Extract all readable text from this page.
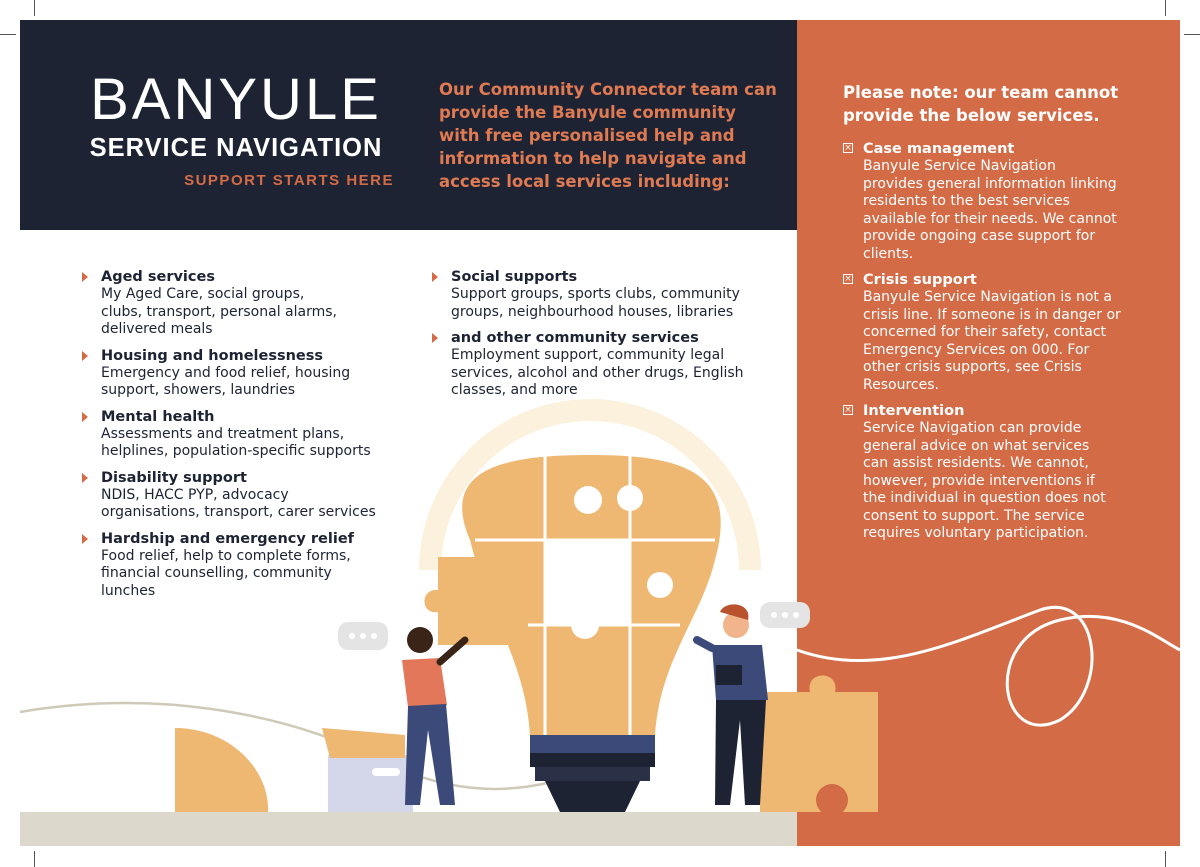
BANYULE
SERVICE NAVIGATION
SUPPORT STARTS HERE
Our Community Connector team can provide the Banyule community with free personalised help and information to help navigate and access local services including:
Aged services
My Aged Care, social groups, clubs, transport, personal alarms, delivered meals
Housing and homelessness
Emergency and food relief, housing support, showers, laundries
Mental health
Assessments and treatment plans, helplines, population-specific supports
Disability support
NDIS, HACC PYP, advocacy organisations, transport, carer services
Hardship and emergency relief
Food relief, help to complete forms, financial counselling, community lunches
Social supports
Support groups, sports clubs, community groups, neighbourhood houses, libraries
and other community services
Employment support, community legal services, alcohol and other drugs, English classes, and more
Please note: our team cannot provide the below services.
× Case management
Banyule Service Navigation provides general information linking residents to the best services available for their needs. We cannot provide ongoing case support for clients.
× Crisis support
Banyule Service Navigation is not a crisis line. If someone is in danger or concerned for their safety, contact Emergency Services on 000. For other crisis supports, see Crisis Resources.
× Intervention
Service Navigation can provide general advice on what services can assist residents. We cannot, however, provide interventions if the individual in question does not consent to support. The service requires voluntary participation.
